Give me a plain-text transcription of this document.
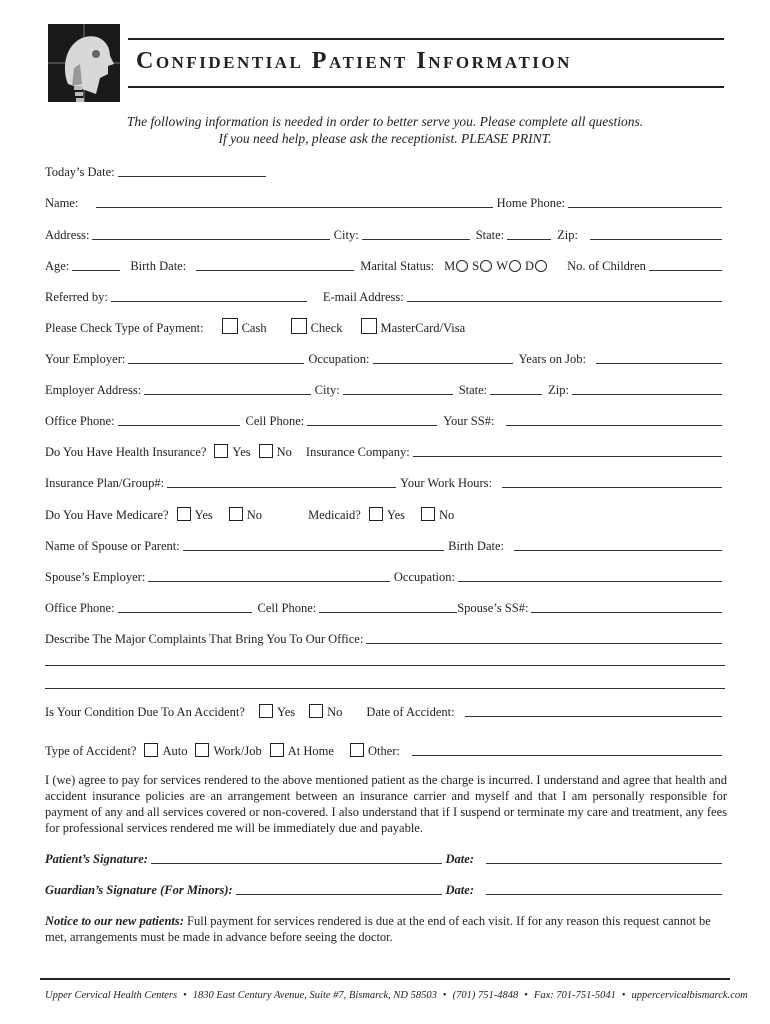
Confidential Patient Information
The following information is needed in order to better serve you. Please complete all questions.
If you need help, please ask the receptionist. PLEASE PRINT.
Today’s Date:
Name:	Home Phone:
Address:	City:	State:	Zip:
Age:	Birth Date:	Marital Status: M S W D	No. of Children
Referred by:	E-mail Address:
Please Check Type of Payment:	Cash	Check	MasterCard/Visa
Your Employer:	Occupation:	Years on Job:
Employer Address:	City:	State:	Zip:
Office Phone:	Cell Phone:	Your SS#:
Do You Have Health Insurance? Yes No Insurance Company:
Insurance Plan/Group#:	Your Work Hours:
Do You Have Medicare? Yes	No	Medicaid? Yes	No
Name of Spouse or Parent:	Birth Date:
Spouse’s Employer:	Occupation:
Office Phone:	Cell Phone:	Spouse’s SS#:
Describe The Major Complaints That Bring You To Our Office:
Is Your Condition Due To An Accident?	Yes	No Date of Accident:
Type of Accident? Auto Work/Job At Home	Other:
I (we) agree to pay for services rendered to the above mentioned patient as the charge is incurred. I understand and agree that health and accident insurance policies are an arrangement between an insurance carrier and myself and that I am personally responsible for payment of any and all services covered or non-covered. I also understand that if I suspend or terminate my care and treatment, any fees for professional services rendered me will be immediately due and payable.
Patient’s Signature:	Date:
Guardian’s Signature (For Minors):	Date:
Notice to our new patients: Full payment for services rendered is due at the end of each visit. If for any reason this request cannot be met, arrangements must be made in advance before seeing the doctor.
Upper Cervical Health Centers • 1830 East Century Avenue, Suite #7, Bismarck, ND 58503 • (701) 751-4848 • Fax: 701-751-5041 • uppercervicalbismarck.com
